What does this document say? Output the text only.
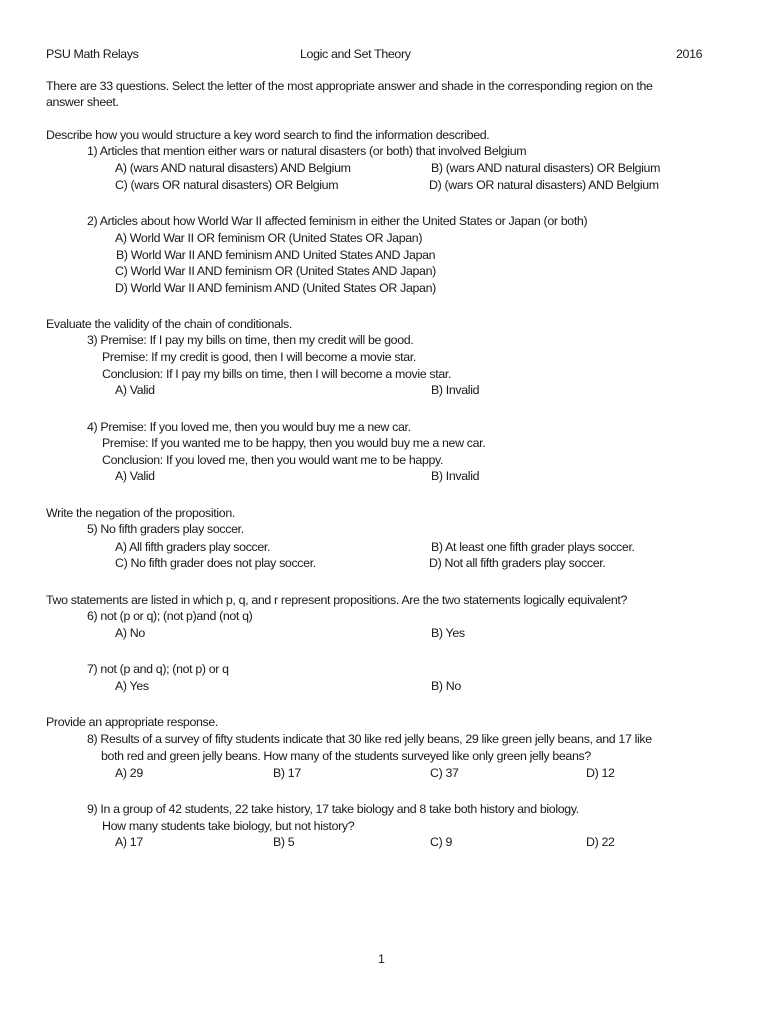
PSU Math Relays	Logic and Set Theory	2016
There are 33 questions. Select the letter of the most appropriate answer and shade in the corresponding region on the
answer sheet.
Describe how you would structure a key word search to find the information described.
1) Articles that mention either wars or natural disasters (or both) that involved Belgium
A) (wars AND natural disasters) AND Belgium	B) (wars AND natural disasters) OR Belgium
C) (wars OR natural disasters) OR Belgium	D) (wars OR natural disasters) AND Belgium
2) Articles about how World War II affected feminism in either the United States or Japan (or both)
A) World War II OR feminism OR (United States OR Japan)
B) World War II AND feminism AND United States AND Japan
C) World War II AND feminism OR (United States AND Japan)
D) World War II AND feminism AND (United States OR Japan)
Evaluate the validity of the chain of conditionals.
3) Premise: If I pay my bills on time, then my credit will be good.
Premise: If my credit is good, then I will become a movie star.
Conclusion: If I pay my bills on time, then I will become a movie star.
A) Valid	B) Invalid
4) Premise: If you loved me, then you would buy me a new car.
Premise: If you wanted me to be happy, then you would buy me a new car.
Conclusion: If you loved me, then you would want me to be happy.
A) Valid	B) Invalid
Write the negation of the proposition.
5) No fifth graders play soccer.
A) All fifth graders play soccer.	B) At least one fifth grader plays soccer.
C) No fifth grader does not play soccer.	D) Not all fifth graders play soccer.
Two statements are listed in which p, q, and r represent propositions. Are the two statements logically equivalent?
6) not (p or q); (not p)and (not q)
A) No	B) Yes
7) not (p and q); (not p) or q
A) Yes	B) No
Provide an appropriate response.
8) Results of a survey of fifty students indicate that 30 like red jelly beans, 29 like green jelly beans, and 17 like
both red and green jelly beans. How many of the students surveyed like only green jelly beans?
A) 29	B) 17	C) 37	D) 12
9) In a group of 42 students, 22 take history, 17 take biology and 8 take both history and biology.
How many students take biology, but not history?
A) 17	B) 5	C) 9	D) 22
1
